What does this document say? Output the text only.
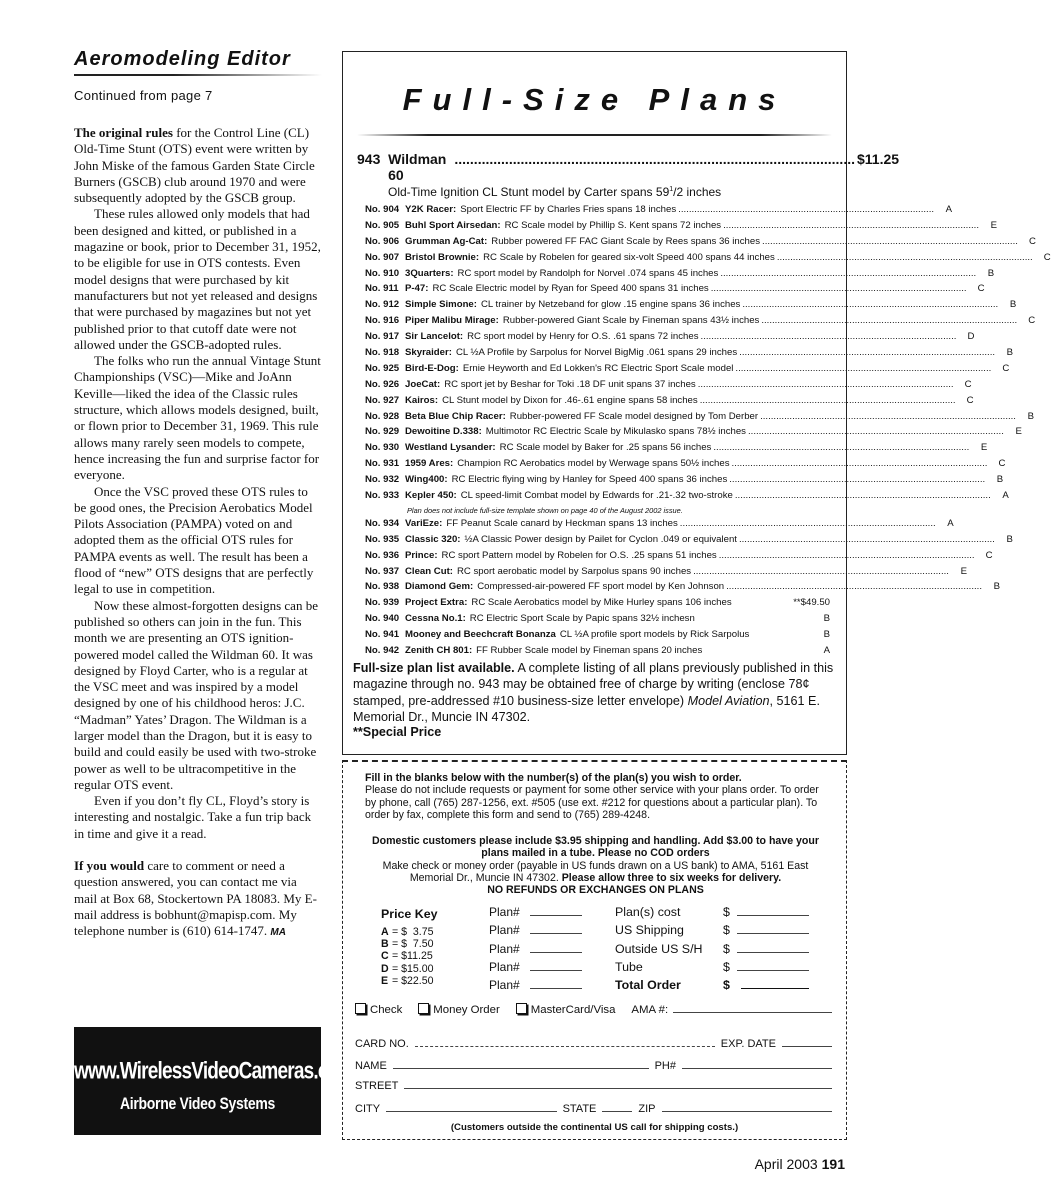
Aeromodeling Editor
Continued from page 7

The original rules for the Control Line (CL) Old-Time Stunt (OTS) event were written by John Miske of the famous Garden State Circle Burners (GSCB) club around 1970 and were subsequently adopted by the GSCB group.

These rules allowed only models that had been designed and kitted, or published in a magazine or book, prior to December 31, 1952, to be eligible for use in OTS contests. Even model designs that were purchased by kit manufacturers but not yet released and designs that were purchased by magazines but not yet published prior to that cutoff date were not allowed under the GSCB-adopted rules.

The folks who run the annual Vintage Stunt Championships (VSC)—Mike and JoAnn Keville—liked the idea of the Classic rules structure, which allows models designed, built, or flown prior to December 31, 1969. This rule allows many rarely seen models to compete, hence increasing the fun and surprise factor for everyone.

Once the VSC proved these OTS rules to be good ones, the Precision Aerobatics Model Pilots Association (PAMPA) voted on and adopted them as the official OTS rules for PAMPA events as well. The result has been a flood of “new” OTS designs that are perfectly legal to use in competition.

Now these almost-forgotten designs can be published so others can join in the fun. This month we are presenting an OTS ignition-powered model called the Wildman 60. It was designed by Floyd Carter, who is a regular at the VSC meet and was inspired by a model designed by one of his childhood heros: J.C. “Madman” Yates’ Dragon. The Wildman is a larger model than the Dragon, but it is easy to build and could easily be used with two-stroke power as well to be ultracompetitive in the regular OTS event.

Even if you don’t fly CL, Floyd’s story is interesting and nostalgic. Take a fun trip back in time and give it a read.

If you would care to comment or need a question answered, you can contact me via mail at Box 68, Stockertown PA 18083. My E-mail address is bobhunt@mapisp.com. My telephone number is (610) 614-1747. MA

www.WirelessVideoCameras.com
Airborne Video Systems
Full-Size Plans
943
Wildman 60
....................................................................................................... $11.25
Old-Time Ignition CL Stunt model by Carter spans $59^1/2$ inches
No. 904 Y2K Racer: Sport Electric FF by Charles Fries spans 18 inches ................................................................................................	A
No. 905 Buhl Sport Airsedan: RC Scale model by Phillip S. Kent spans 72 inches ................................................................................................	E
No. 906 Grumman Ag-Cat: Rubber powered FF FAC Giant Scale by Rees spans 36 inches ................................................................................................	C
No. 907 Bristol Brownie: RC Scale by Robelen for geared six-volt Speed 400 spans 44 inches ................................................................................................	C
No. 910 3Quarters: RC sport model by Randolph for Norvel .074 spans 45 inches ................................................................................................	B
No. 911 P-47: RC Scale Electric model by Ryan for Speed 400 spans 31 inches ................................................................................................	C
No. 912 Simple Simone: CL trainer by Netzeband for glow .15 engine spans 36 inches ................................................................................................	B
No. 916 Piper Malibu Mirage: Rubber-powered Giant Scale by Fineman spans 43½ inches ................................................................................................	C
No. 917 Sir Lancelot: RC sport model by Henry for O.S. .61 spans 72 inches ................................................................................................	D
No. 918 Skyraider: CL ½A Profile by Sarpolus for Norvel BigMig .061 spans 29 inches ................................................................................................	B
No. 925 Bird-E-Dog: Ernie Heyworth and Ed Lokken's RC Electric Sport Scale model ................................................................................................	C
No. 926 JoeCat: RC sport jet by Beshar for Toki .18 DF unit spans 37 inches ................................................................................................	C
No. 927 Kairos: CL Stunt model by Dixon for .46-.61 engine spans 58 inches ................................................................................................	C
No. 928 Beta Blue Chip Racer: Rubber-powered FF Scale model designed by Tom Derber ................................................................................................	B
No. 929 Dewoitine D.338: Multimotor RC Electric Scale by Mikulasko spans 78½ inches ................................................................................................	E
No. 930 Westland Lysander: RC Scale model by Baker for .25 spans 56 inches ................................................................................................	E
No. 931 1959 Ares: Champion RC Aerobatics model by Werwage spans 50½ inches ................................................................................................	C
No. 932 Wing400: RC Electric flying wing by Hanley for Speed 400 spans 36 inches ................................................................................................	B
No. 933 Kepler 450: CL speed-limit Combat model by Edwards for .21-.32 two-stroke ................................................................................................	A
Plan does not include full-size template shown on page 40 of the August 2002 issue.
No. 934 VariEze: FF Peanut Scale canard by Heckman spans 13 inches ................................................................................................	A
No. 935 Classic 320: ½A Classic Power design by Pailet for Cyclon .049 or equivalent ................................................................................................	B
No. 936 Prince: RC sport Pattern model by Robelen for O.S. .25 spans 51 inches ................................................................................................	C
No. 937 Clean Cut: RC sport aerobatic model by Sarpolus spans 90 inches ................................................................................................	E
No. 938 Diamond Gem: Compressed-air-powered FF sport model by Ken Johnson ................................................................................................	B
No. 939 Project Extra: RC Scale Aerobatics model by Mike Hurley spans 106 inches	**$49.50
No. 940 Cessna No.1: RC Electric Sport Scale by Papic spans 32½ inchesn	B
No. 941 Mooney and Beechcraft Bonanza CL ½A profile sport models by Rick Sarpolus	B
No. 942 Zenith CH 801: FF Rubber Scale model by Fineman spans 20 inches	A
Full-size plan list available. A complete listing of all plans previously published in this magazine through no. 943 may be obtained free of charge by writing (enclose 78¢ stamped, pre-addressed #10 business-size letter envelope) Model Aviation, 5161 E. Memorial Dr., Muncie IN 47302.
**Special Price
Fill in the blanks below with the number(s) of the plan(s) you wish to order.
Please do not include requests or payment for some other service with your plans order. To order by phone, call (765) 287-1256, ext. #505 (use ext. #212 for questions about a particular plan). To order by fax, complete this form and send to (765) 289-4248.
Domestic customers please include $3.95 shipping and handling. Add $3.00 to have your plans mailed in a tube. Please no COD orders
Make check or money order (payable in US funds drawn on a US bank) to AMA, 5161 East Memorial Dr., Muncie IN 47302. Please allow three to six weeks for delivery.
NO REFUNDS OR EXCHANGES ON PLANS
Price Key
A = $  3.75
B = $  7.50
C = $11.25
D = $15.00
E = $22.50
Plan#
Plan#
Plan#
Plan#
Plan#
Plan(s) cost	$
US Shipping	$
Outside US S/H	$
Tube	$
Total Order	$
Check	Money Order	MasterCard/Visa AMA #:
CARD NO.	EXP. DATE
NAME	PH#
STREET
CITY	STATE	ZIP
(Customers outside the continental US call for shipping costs.)
April 2003 191
